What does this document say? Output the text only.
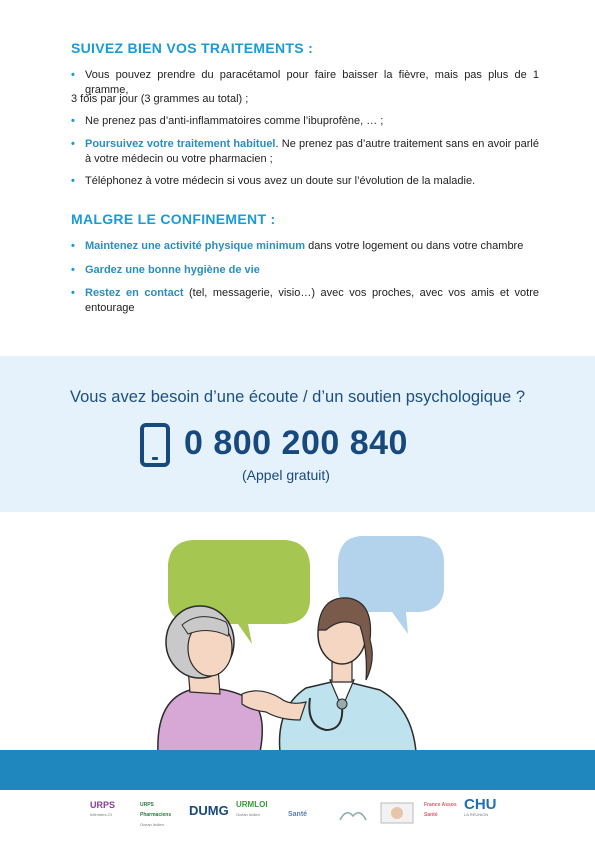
SUIVEZ BIEN VOS TRAITEMENTS :
• Vous pouvez prendre du paracétamol pour faire baisser la fièvre, mais pas plus de 1 gramme,
3 fois par jour (3 grammes au total) ;
• Ne prenez pas d’anti-inflammatoires comme l’ibuprofène, … ;
• Poursuivez votre traitement habituel. Ne prenez pas d’autre traitement sans en avoir parlé à votre médecin ou votre pharmacien ;
• Téléphonez à votre médecin si vous avez un doute sur l’évolution de la maladie.
MALGRE LE CONFINEMENT :
• Maintenez une activité physique minimum dans votre logement ou dans votre chambre
• Gardez une bonne hygiène de vie
• Restez en contact (tel, messagerie, visio…) avec vos proches, avec vos amis et votre entourage
Vous avez besoin d’une écoute / d’un soutien psychologique ?
0 800 200 840
(Appel gratuit)
URPS
Infirmiers OI
URPS Pharmaciens
Océan Indien
DUMG URMLOI
Océan Indien	Santé
France Assos Santé
CHU
LA RÉUNION
